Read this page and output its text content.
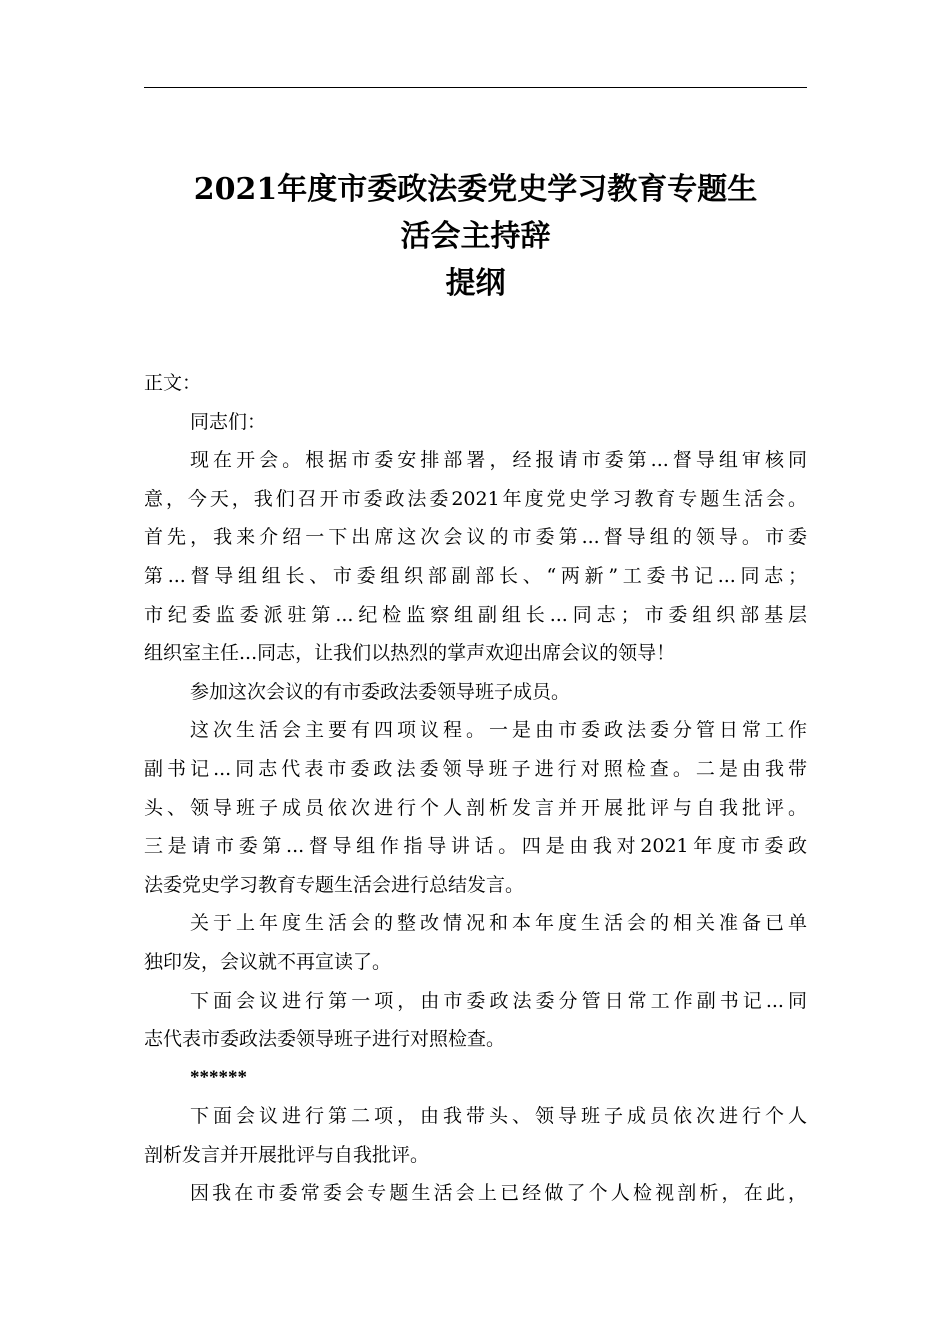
2021年度市委政法委党史学习教育专题生
活会主持辞
提纲
正文：
同志们：
现在开会。根据市委安排部署，经报请市委第...督导组审核同
意，今天，我们召开市委政法委2021年度党史学习教育专题生活会。
首先，我来介绍一下出席这次会议的市委第...督导组的领导。市委
第...督导组组长、市委组织部副部长、“两新”工委书记...同志；
市纪委监委派驻第...纪检监察组副组长...同志；市委组织部基层
组织室主任...同志，让我们以热烈的掌声欢迎出席会议的领导！
参加这次会议的有市委政法委领导班子成员。
这次生活会主要有四项议程。一是由市委政法委分管日常工作
副书记...同志代表市委政法委领导班子进行对照检查。二是由我带
头、领导班子成员依次进行个人剖析发言并开展批评与自我批评。
三是请市委第...督导组作指导讲话。四是由我对2021年度市委政
法委党史学习教育专题生活会进行总结发言。
关于上年度生活会的整改情况和本年度生活会的相关准备已单
独印发，会议就不再宣读了。
下面会议进行第一项，由市委政法委分管日常工作副书记...同
志代表市委政法委领导班子进行对照检查。
******
下面会议进行第二项，由我带头、领导班子成员依次进行个人
剖析发言并开展批评与自我批评。
因我在市委常委会专题生活会上已经做了个人检视剖析，在此，
